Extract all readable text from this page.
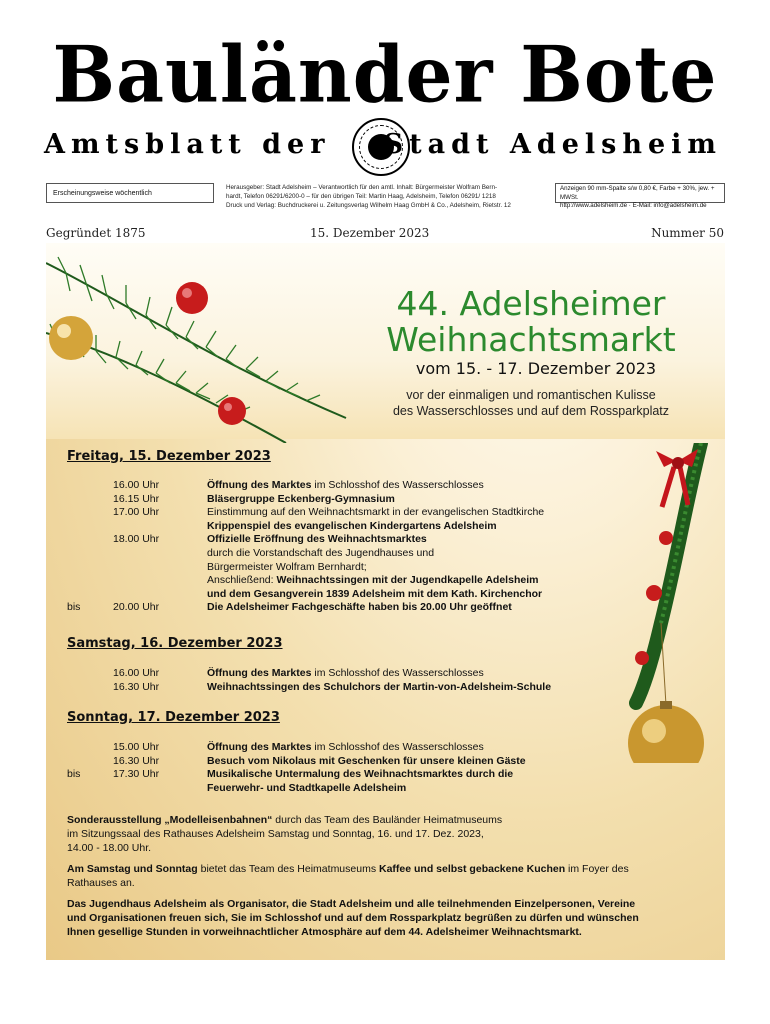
Bauländer Bote
Amtsblatt der Stadt Adelsheim
Erscheinungsweise wöchentlich
Herausgeber: Stadt Adelsheim – Verantwortlich für den amtl. Inhalt: Bürgermeister Wolfram Bern-
hardt, Telefon 06291/6200-0 – für den übrigen Teil: Martin Haag, Adelsheim, Telefon 06291/ 1218
Druck und Verlag: Buchdruckerei u. Zeitungsverlag Wilhelm Haag GmbH & Co., Adelsheim, Rietstr. 12
Anzeigen 90 mm-Spalte s/w 0,80 €, Farbe + 30%, jew. + MWSt.
http://www.adelsheim.de · E-Mail: info@adelsheim.de
Gegründet 1875	15. Dezember 2023	Nummer 50
44. Adelsheimer
Weihnachtsmarkt
vom 15. - 17. Dezember 2023
vor der einmaligen und romantischen Kulisse
des Wasserschlosses und auf dem Rossparkplatz
Freitag, 15. Dezember 2023
16.00 Uhr	Öffnung des Marktes im Schlosshof des Wasserschlosses
16.15 Uhr	Bläsergruppe Eckenberg-Gymnasium
17.00 Uhr	Einstimmung auf den Weihnachtsmarkt in der evangelischen Stadtkirche
Krippenspiel des evangelischen Kindergartens Adelsheim
18.00 Uhr	Offizielle Eröffnung des Weihnachtsmarktes
durch die Vorstandschaft des Jugendhauses und
Bürgermeister Wolfram Bernhardt;
Anschließend: Weihnachtssingen mit der Jugendkapelle Adelsheim
und dem Gesangverein 1839 Adelsheim mit dem Kath. Kirchenchor
bis	20.00 Uhr	Die Adelsheimer Fachgeschäfte haben bis 20.00 Uhr geöffnet
Samstag, 16. Dezember 2023
16.00 Uhr	Öffnung des Marktes im Schlosshof des Wasserschlosses
16.30 Uhr	Weihnachtssingen des Schulchors der Martin-von-Adelsheim-Schule
Sonntag, 17. Dezember 2023
15.00 Uhr	Öffnung des Marktes im Schlosshof des Wasserschlosses
16.30 Uhr	Besuch vom Nikolaus mit Geschenken für unsere kleinen Gäste
bis	17.30 Uhr	Musikalische Untermalung des Weihnachtsmarktes durch die
Feuerwehr- und Stadtkapelle Adelsheim
Sonderausstellung „Modelleisenbahnen“ durch das Team des Bauländer Heimatmuseums
im Sitzungssaal des Rathauses Adelsheim Samstag und Sonntag, 16. und 17. Dez. 2023,
14.00 - 18.00 Uhr.
Am Samstag und Sonntag bietet das Team des Heimatmuseums Kaffee und selbst gebackene Kuchen im Foyer des
Rathauses an.
Das Jugendhaus Adelsheim als Organisator, die Stadt Adelsheim und alle teilnehmenden Einzelpersonen, Vereine
und Organisationen freuen sich, Sie im Schlosshof und auf dem Rossparkplatz begrüßen zu dürfen und wünschen
Ihnen gesellige Stunden in vorweihnachtlicher Atmosphäre auf dem 44. Adelsheimer Weihnachtsmarkt.
